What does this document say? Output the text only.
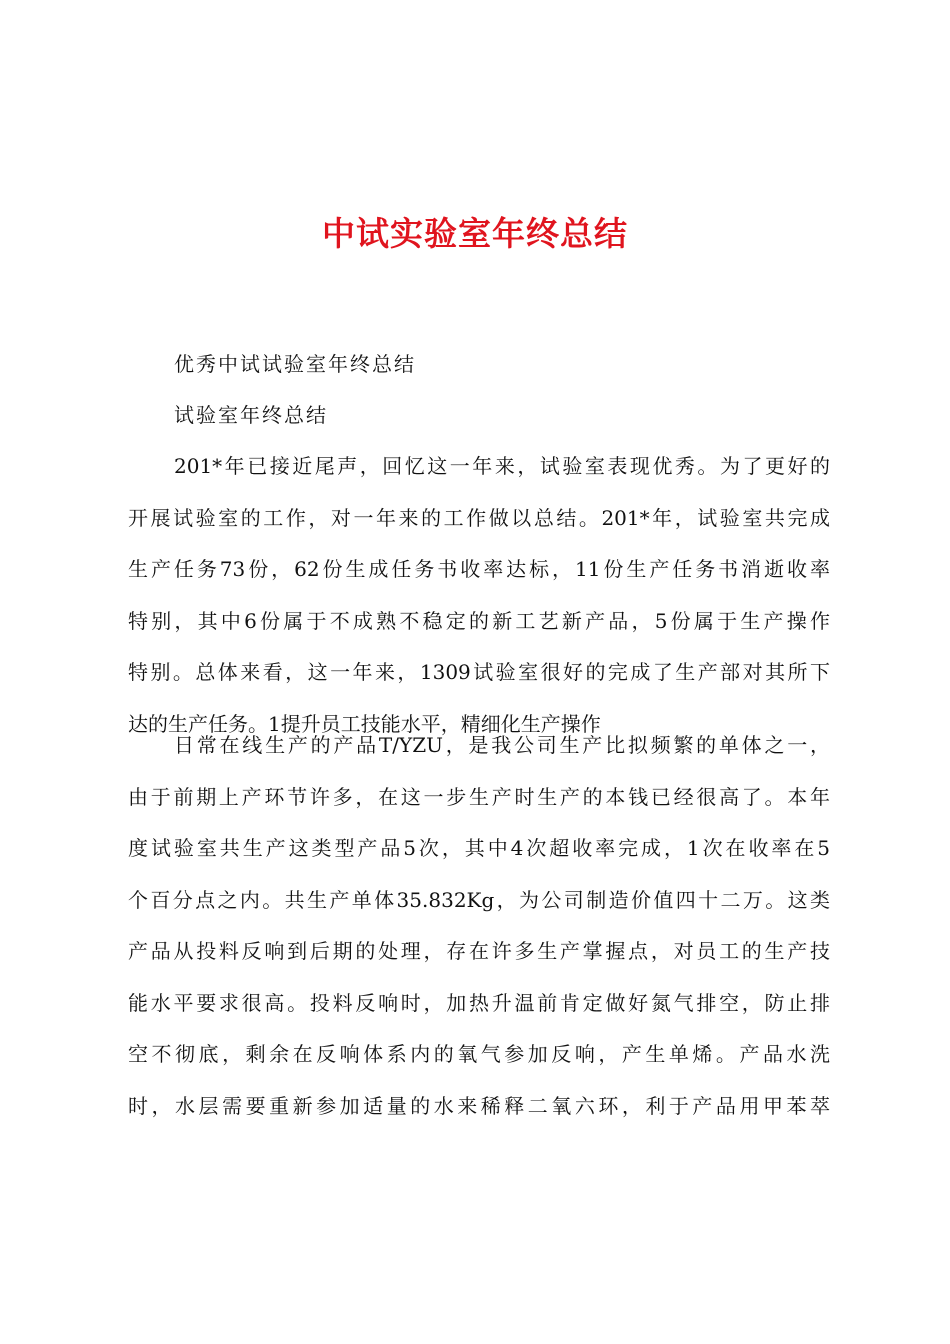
中试实验室年终总结
优秀中试试验室年终总结
试验室年终总结
201*年已接近尾声，回忆这一年来，试验室表现优秀。为了更好的
开展试验室的工作，对一年来的工作做以总结。201*年，试验室共完成
生产任务73份，62份生成任务书收率达标，11份生产任务书消逝收率
特别，其中6份属于不成熟不稳定的新工艺新产品，5份属于生产操作
特别。总体来看，这一年来，1309试验室很好的完成了生产部对其所下
达的生产任务。1提升员工技能水平，精细化生产操作
日常在线生产的产品T/YZU，是我公司生产比拟频繁的单体之一，
由于前期上产环节许多，在这一步生产时生产的本钱已经很高了。本年
度试验室共生产这类型产品5次，其中4次超收率完成，1次在收率在5
个百分点之内。共生产单体35.832Kg，为公司制造价值四十二万。这类
产品从投料反响到后期的处理，存在许多生产掌握点，对员工的生产技
能水平要求很高。投料反响时，加热升温前肯定做好氮气排空，防止排
空不彻底，剩余在反响体系内的氧气参加反响，产生单烯。产品水洗
时，水层需要重新参加适量的水来稀释二氧六环，利于产品用甲苯萃
